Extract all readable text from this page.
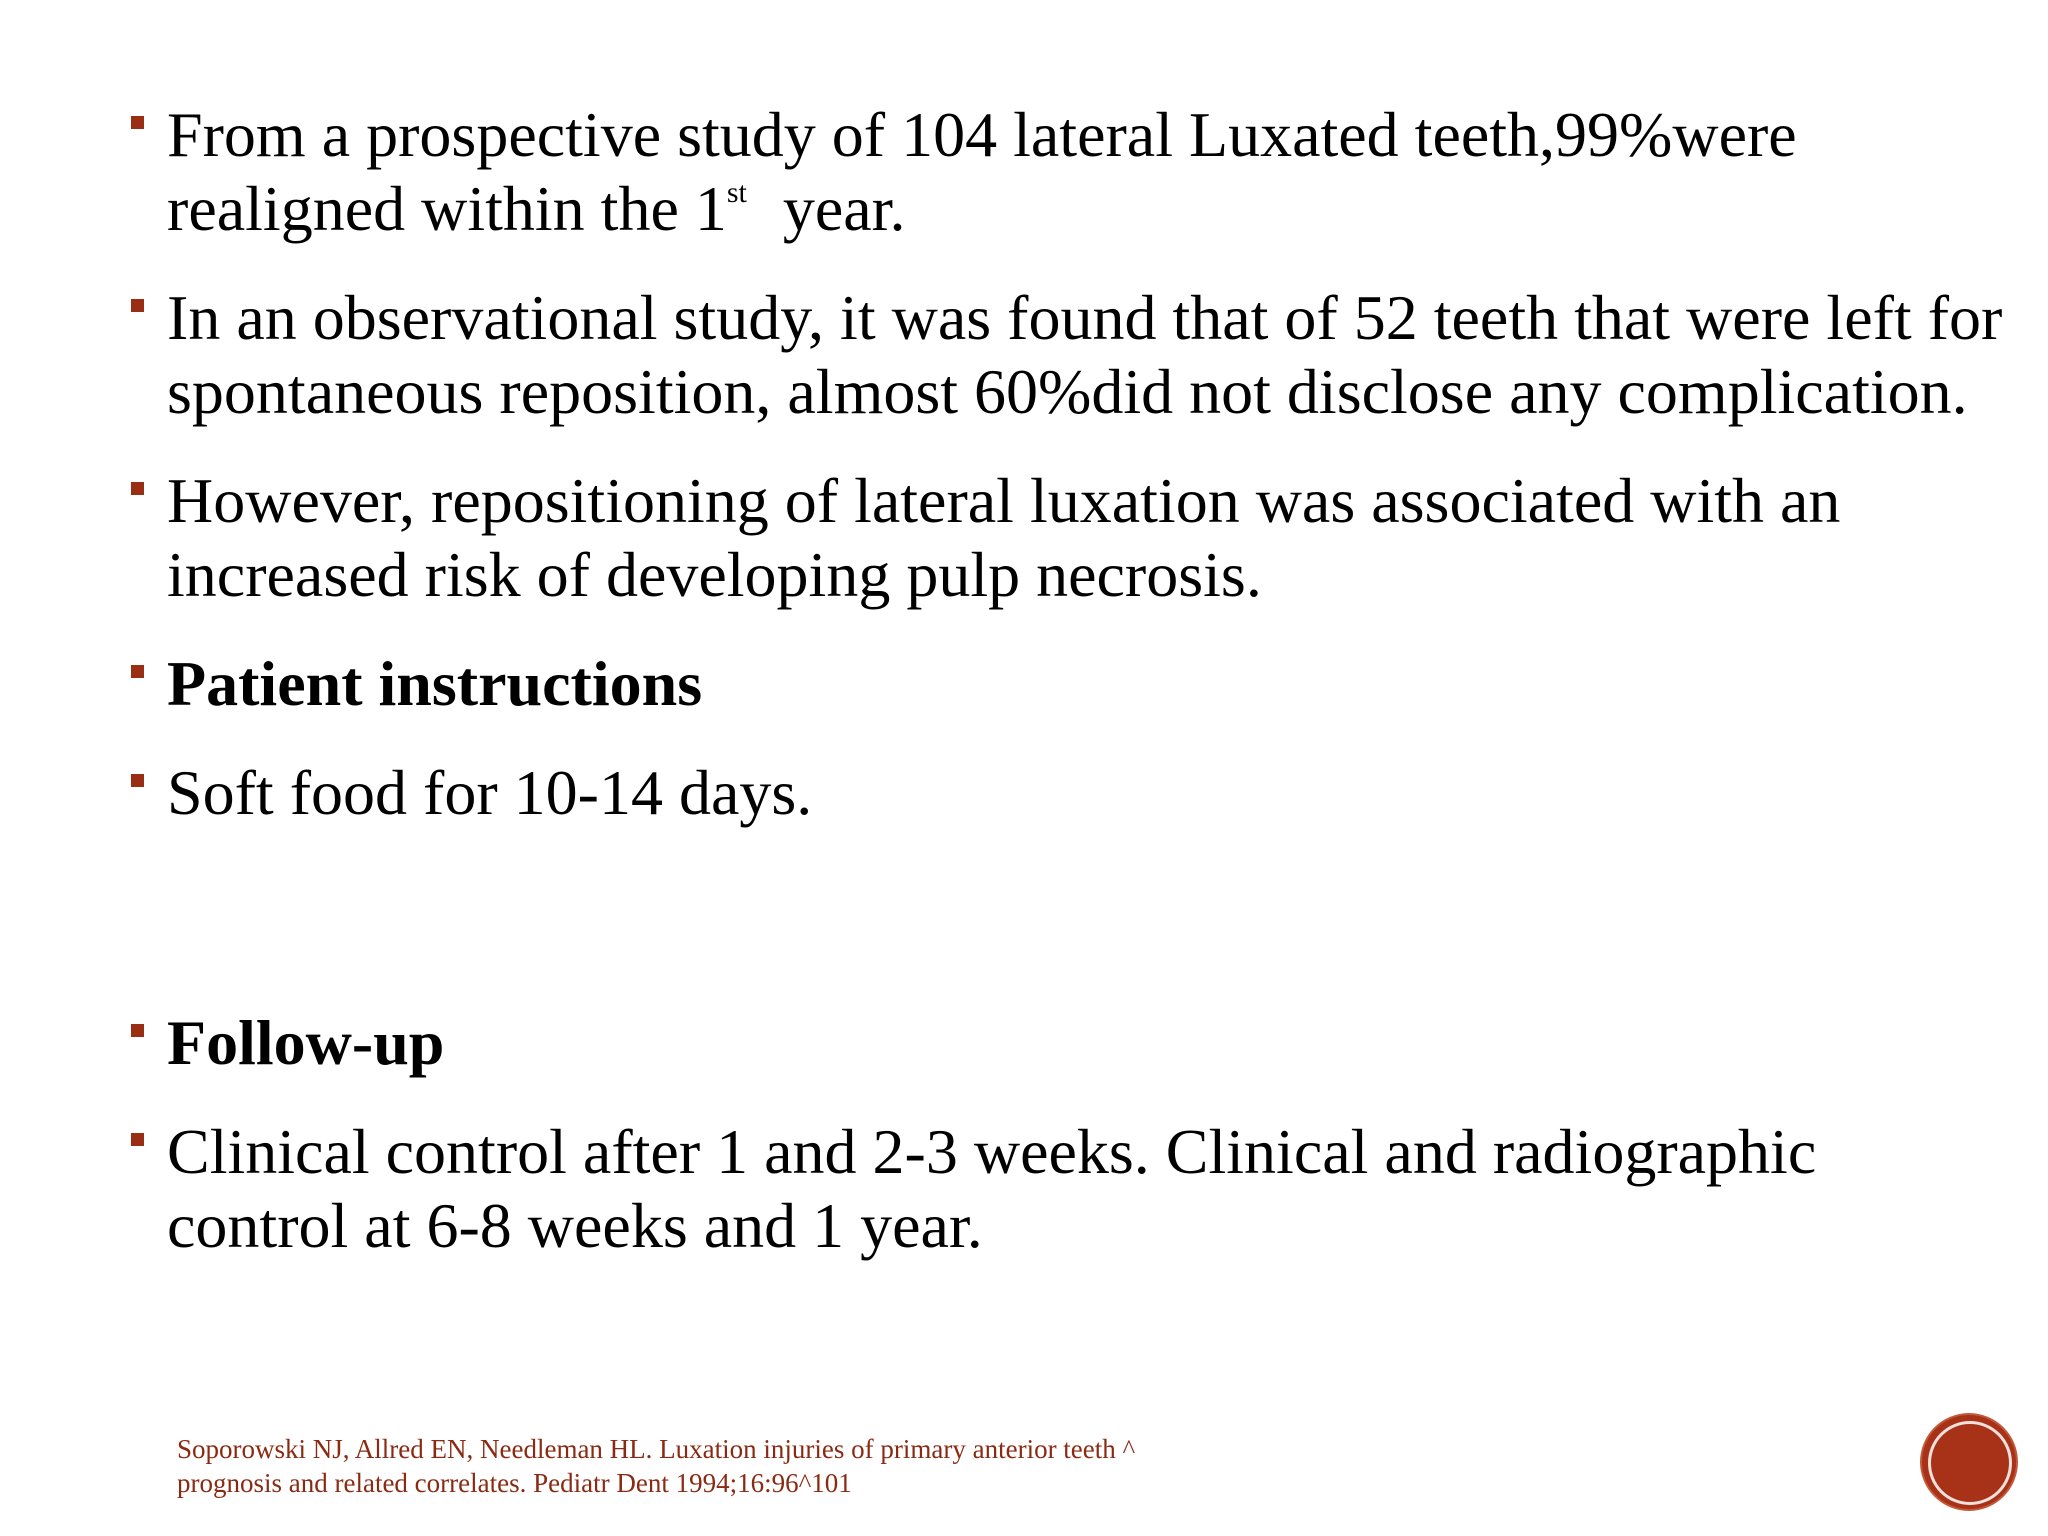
From a prospective study of 104 lateral Luxated teeth,99%were realigned within the 1st year.
In an observational study, it was found that of 52 teeth that were left for spontaneous reposition, almost 60%did not disclose any complication.
However, repositioning of lateral luxation was associated with an increased risk of developing pulp necrosis.
Patient instructions
Soft food for 10-14 days.
Follow-up
Clinical control after 1 and 2-3 weeks. Clinical and radiographic control at 6-8 weeks and 1 year.
Soporowski NJ, Allred EN, Needleman HL. Luxation injuries of primary anterior teeth ^
prognosis and related correlates. Pediatr Dent 1994;16:96^101
